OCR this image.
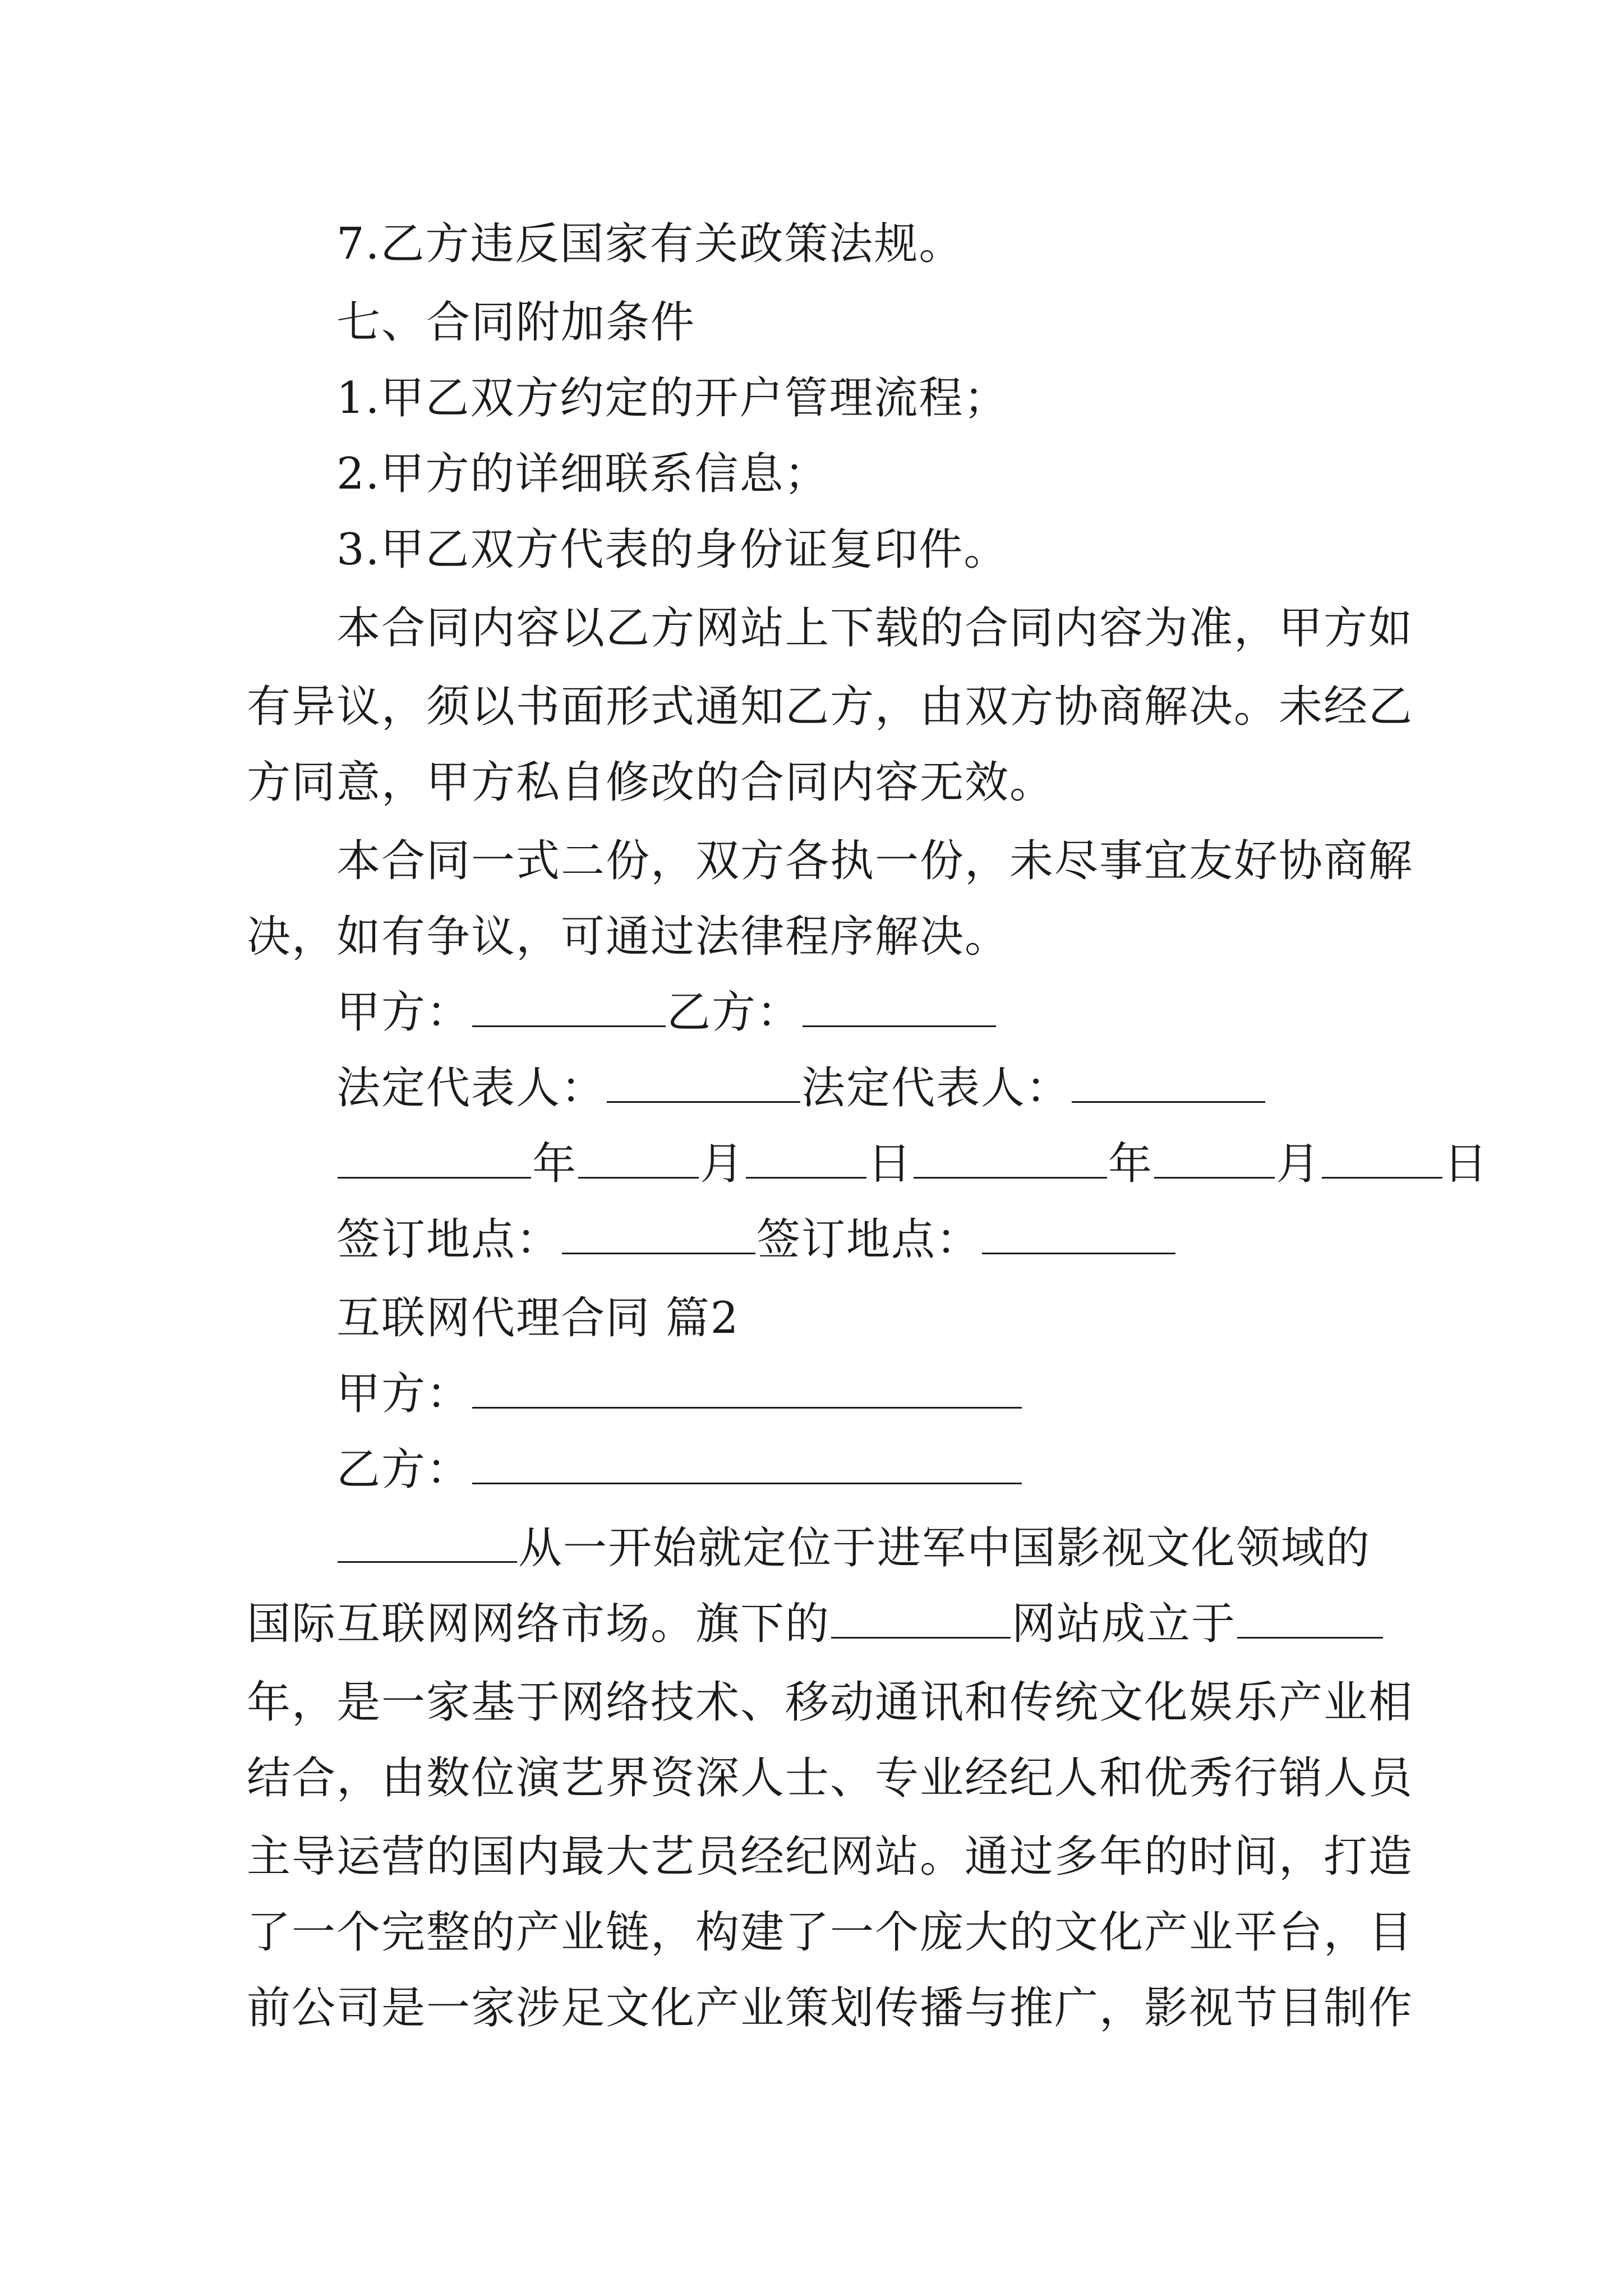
7.乙方违反国家有关政策法规。
七、合同附加条件
1.甲乙双方约定的开户管理流程；
2.甲方的详细联系信息；
3.甲乙双方代表的身份证复印件。
本合同内容以乙方网站上下载的合同内容为准，甲方如
有异议，须以书面形式通知乙方，由双方协商解决。未经乙
方同意，甲方私自修改的合同内容无效。
本合同一式二份，双方各执一份，未尽事宜友好协商解
决，如有争议，可通过法律程序解决。
甲方：	乙方：
法定代表人：	法定代表人：
年	月	日	年	月	日
签订地点：	签订地点：
互联网代理合同 篇2
甲方：
乙方：
从一开始就定位于进军中国影视文化领域的
国际互联网网络市场。旗下的	网站成立于
年，是一家基于网络技术、移动通讯和传统文化娱乐产业相
结合，由数位演艺界资深人士、专业经纪人和优秀行销人员
主导运营的国内最大艺员经纪网站。通过多年的时间，打造
了一个完整的产业链，构建了一个庞大的文化产业平台，目
前公司是一家涉足文化产业策划传播与推广，影视节目制作
